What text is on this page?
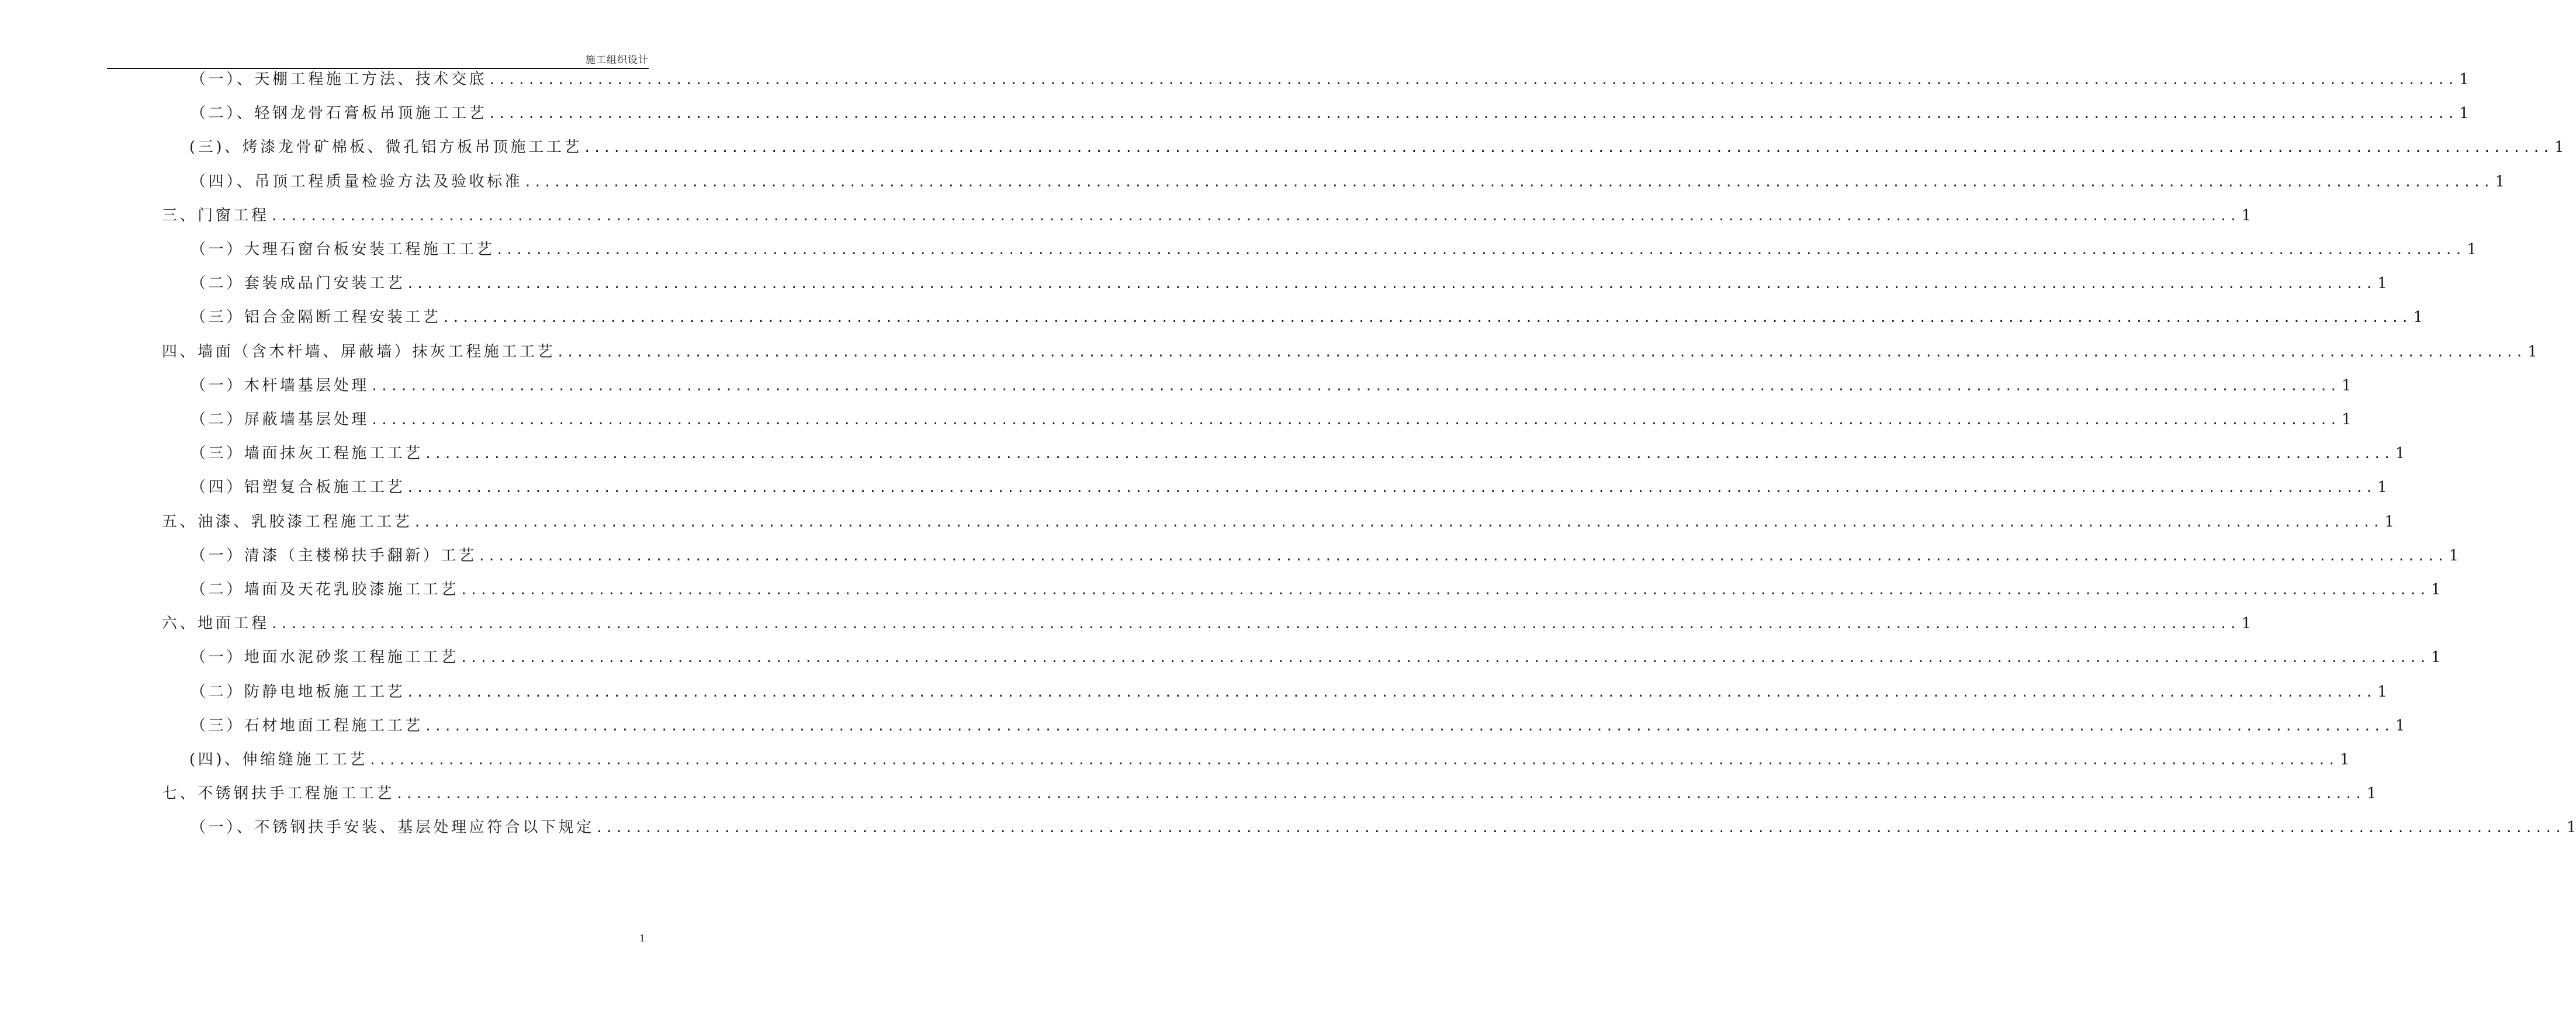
施工组织设计
（一）、天棚工程施工方法、技术交底 ........................................................................................................................................................................................................ 1
（二）、轻钢龙骨石膏板吊顶施工工艺 ........................................................................................................................................................................................................ 1
(三)、烤漆龙骨矿棉板、微孔铝方板吊顶施工工艺 ........................................................................................................................................................................................................ 1
（四）、吊顶工程质量检验方法及验收标准 ........................................................................................................................................................................................................ 1
三、门窗工程 ........................................................................................................................................................................................................ 1
（一）大理石窗台板安装工程施工工艺 ........................................................................................................................................................................................................ 1
（二）套装成品门安装工艺 ........................................................................................................................................................................................................ 1
（三）铝合金隔断工程安装工艺 ........................................................................................................................................................................................................ 1
四、墙面（含木杆墙、屏蔽墙）抹灰工程施工工艺 ........................................................................................................................................................................................................ 1
（一）木杆墙基层处理 ........................................................................................................................................................................................................ 1
（二）屏蔽墙基层处理 ........................................................................................................................................................................................................ 1
（三）墙面抹灰工程施工工艺 ........................................................................................................................................................................................................ 1
（四）铝塑复合板施工工艺 ........................................................................................................................................................................................................ 1
五、油漆、乳胶漆工程施工工艺 ........................................................................................................................................................................................................ 1
（一）清漆（主楼梯扶手翻新）工艺 ........................................................................................................................................................................................................ 1
（二）墙面及天花乳胶漆施工工艺 ........................................................................................................................................................................................................ 1
六、地面工程 ........................................................................................................................................................................................................ 1
（一）地面水泥砂浆工程施工工艺 ........................................................................................................................................................................................................ 1
（二）防静电地板施工工艺 ........................................................................................................................................................................................................ 1
（三）石材地面工程施工工艺 ........................................................................................................................................................................................................ 1
(四)、伸缩缝施工工艺 ........................................................................................................................................................................................................ 1
七、不锈钢扶手工程施工工艺 ........................................................................................................................................................................................................ 1
（一）、不锈钢扶手安装、基层处理应符合以下规定 ........................................................................................................................................................................................................ 1
1
